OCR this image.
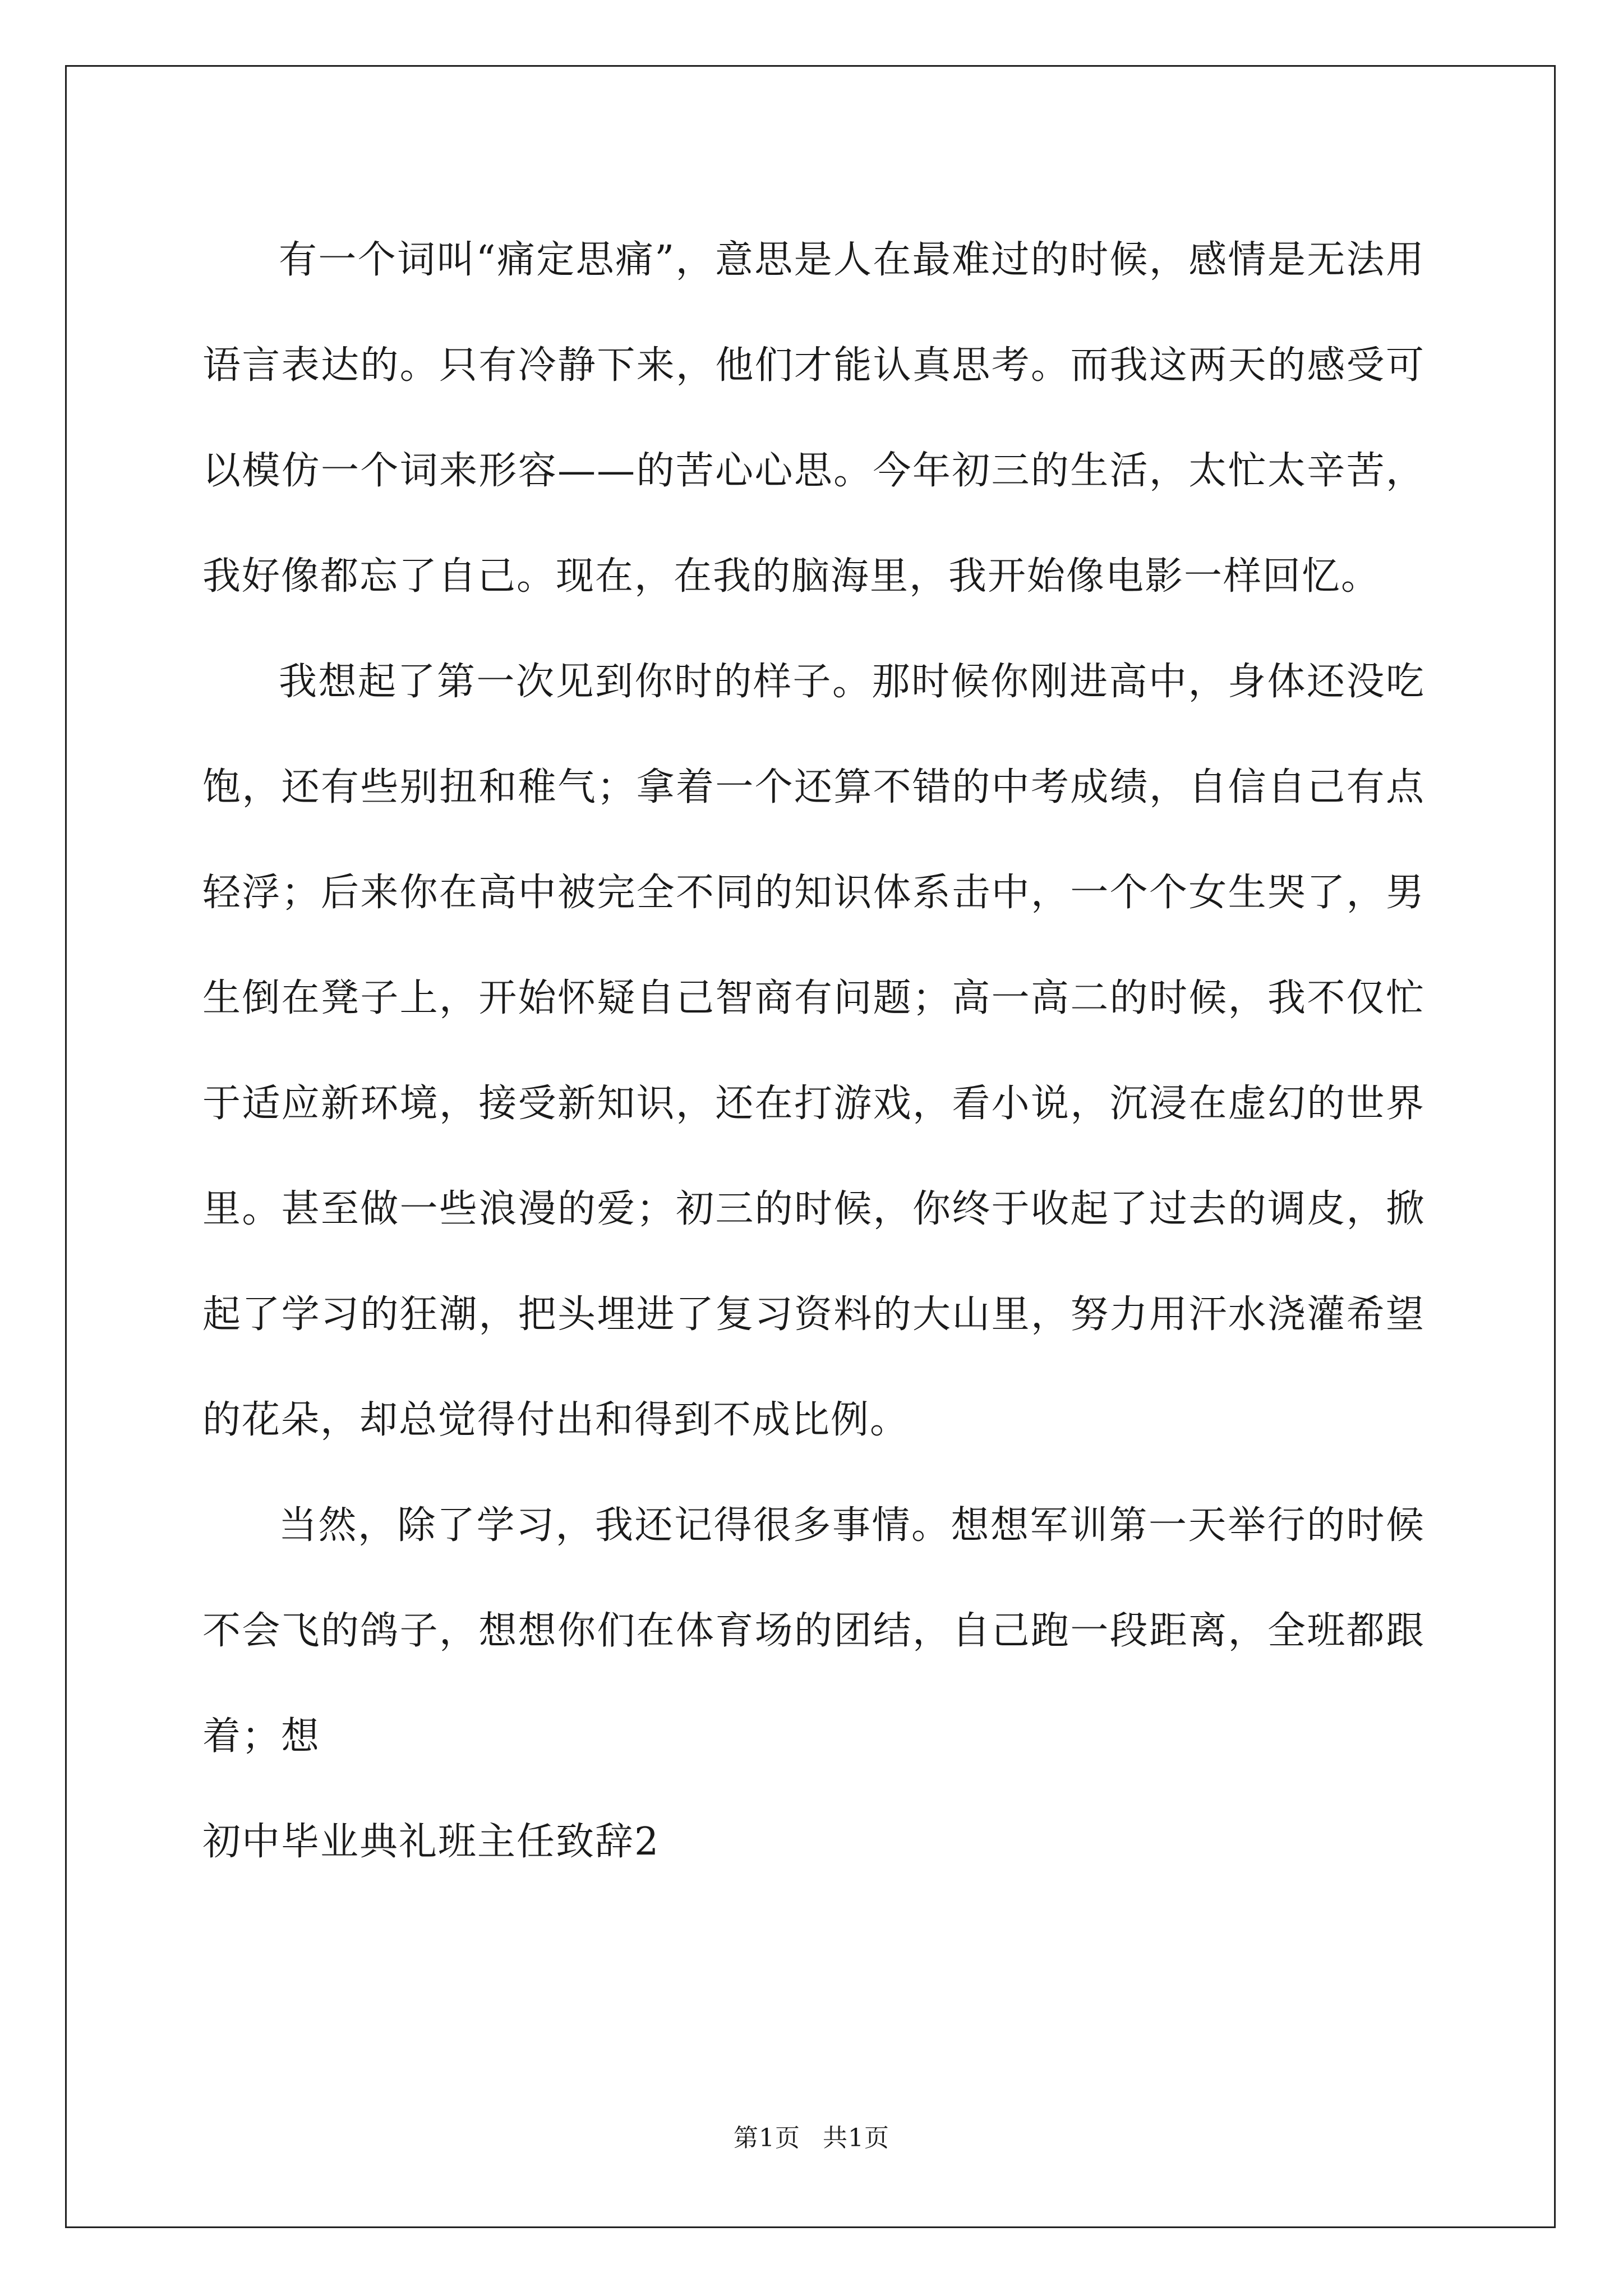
有一个词叫“痛定思痛”，意思是人在最难过的时候，感情是无法用语言表达的。只有冷静下来，他们才能认真思考。而我这两天的感受可以模仿一个词来形容——的苦心心思。今年初三的生活，太忙太辛苦，我好像都忘了自己。现在，在我的脑海里，我开始像电影一样回忆。

我想起了第一次见到你时的样子。那时候你刚进高中，身体还没吃饱，还有些别扭和稚气；拿着一个还算不错的中考成绩，自信自己有点轻浮；后来你在高中被完全不同的知识体系击中，一个个女生哭了，男生倒在凳子上，开始怀疑自己智商有问题；高一高二的时候，我不仅忙于适应新环境，接受新知识，还在打游戏，看小说，沉浸在虚幻的世界里。甚至做一些浪漫的爱；初三的时候，你终于收起了过去的调皮，掀起了学习的狂潮，把头埋进了复习资料的大山里，努力用汗水浇灌希望的花朵，却总觉得付出和得到不成比例。

当然，除了学习，我还记得很多事情。想想军训第一天举行的时候不会飞的鸽子，想想你们在体育场的团结，自己跑一段距离，全班都跟着；想

初中毕业典礼班主任致辞2

第1页 共1页
